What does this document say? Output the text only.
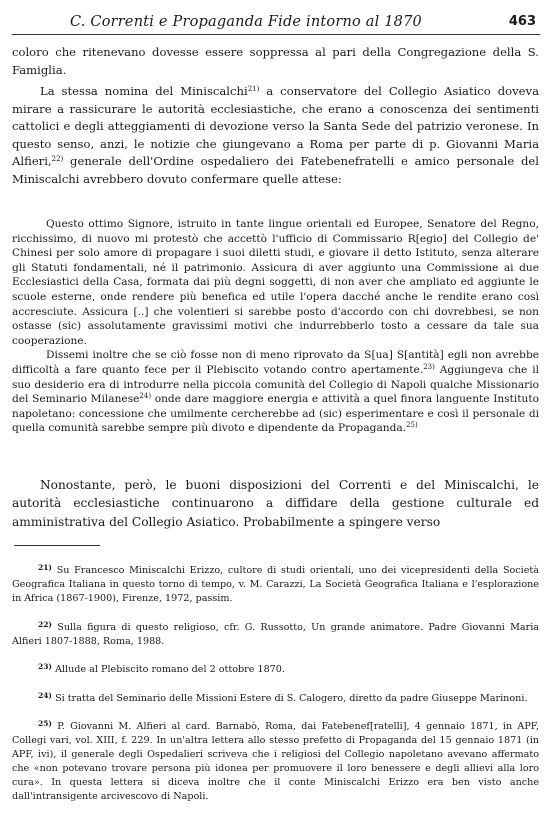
C. Correnti e Propaganda Fide intorno al 1870	463

coloro che ritenevano dovesse essere soppressa al pari della Congregazione della S. Famiglia.

La stessa nomina del Miniscalchi$^{21)}$ a conservatore del Collegio Asiatico doveva mirare a rassicurare le autorità ecclesiastiche, che erano a conoscenza dei sentimenti cattolici e degli atteggiamenti di devozione verso la Santa Sede del patrizio veronese. In questo senso, anzi, le notizie che giungevano a Roma per parte di p. Giovanni Maria Alfieri,$^{22)}$ generale dell'Ordine ospedaliero dei Fatebenefratelli e amico personale del Miniscalchi avrebbero dovuto confermare quelle attese:

Questo ottimo Signore, istruito in tante lingue orientali ed Europee, Senatore del Regno, ricchissimo, di nuovo mi protestò che accettò l'ufficio di Commissario R[egio] del Collegio de' Chinesi per solo amore di propagare i suoi diletti studi, e giovare il detto Istituto, senza alterare gli Statuti fondamentali, né il patrimonio. Assicura di aver aggiunto una Commissione ai due Ecclesiastici della Casa, formata dai più degni soggetti, di non aver che ampliato ed aggiunte le scuole esterne, onde rendere più benefica ed utile l'opera dacché anche le rendite erano così accresciute. Assicura [..] che volentieri si sarebbe posto d'accordo con chi dovrebbesi, se non ostasse (sic) assolutamente gravissimi motivi che indurrebberlo tosto a cessare da tale sua cooperazione.

Dissemi inoltre che se ciò fosse non di meno riprovato da S[ua] S[antità] egli non avrebbe difficoltà a fare quanto fece per il Plebiscito votando contro apertamente.$^{23)}$ Aggiungeva che il suo desiderio era di introdurre nella piccola comunità del Collegio di Napoli qualche Missionario del Seminario Milanese$^{24)}$ onde dare maggiore energia e attività a quel finora languente Instituto napoletano: concessione che umilmente cercherebbe ad (sic) esperimentare e così il personale di quella comunità sarebbe sempre più divoto e dipendente da Propaganda.$^{25)}$

Nonostante, però, le buoni disposizioni del Correnti e del Miniscalchi, le autorità ecclesiastiche continuarono a diffidare della gestione culturale ed amministrativa del Collegio Asiatico. Probabilmente a spingere verso

$^{21)}$ Su Francesco Miniscalchi Erizzo, cultore di studi orientali, uno dei vicepresidenti della Società Geografica Italiana in questo torno di tempo, v. M. Carazzi, La Società Geografica Italiana e l'esplorazione in Africa (1867-1900), Firenze, 1972, passim.

$^{22)}$ Sulla figura di questo religioso, cfr. G. Russotto, Un grande animatore. Padre Giovanni Maria Alfieri 1807-1888, Roma, 1988.

$^{23)}$ Allude al Plebiscito romano del 2 ottobre 1870.

$^{24)}$ Si tratta del Seminario delle Missioni Estere di S. Calogero, diretto da padre Giuseppe Marinoni.

$^{25)}$ P. Giovanni M. Alfieri al card. Barnabò, Roma, dai Fatebenef[ratelli], 4 gennaio 1871, in APF, Collegi vari, vol. XIII, f. 229. In un'altra lettera allo stesso prefetto di Propaganda del 15 gennaio 1871 (in APF, ivi), il generale degli Ospedalieri scriveva che i religiosi del Collegio napoletano avevano affermato che «non potevano trovare persona più idonea per promuovere il loro benessere e degli allievi alla loro cura». In questa lettera si diceva inoltre che il conte Miniscalchi Erizzo era ben visto anche dall'intransigente arcivescovo di Napoli.
